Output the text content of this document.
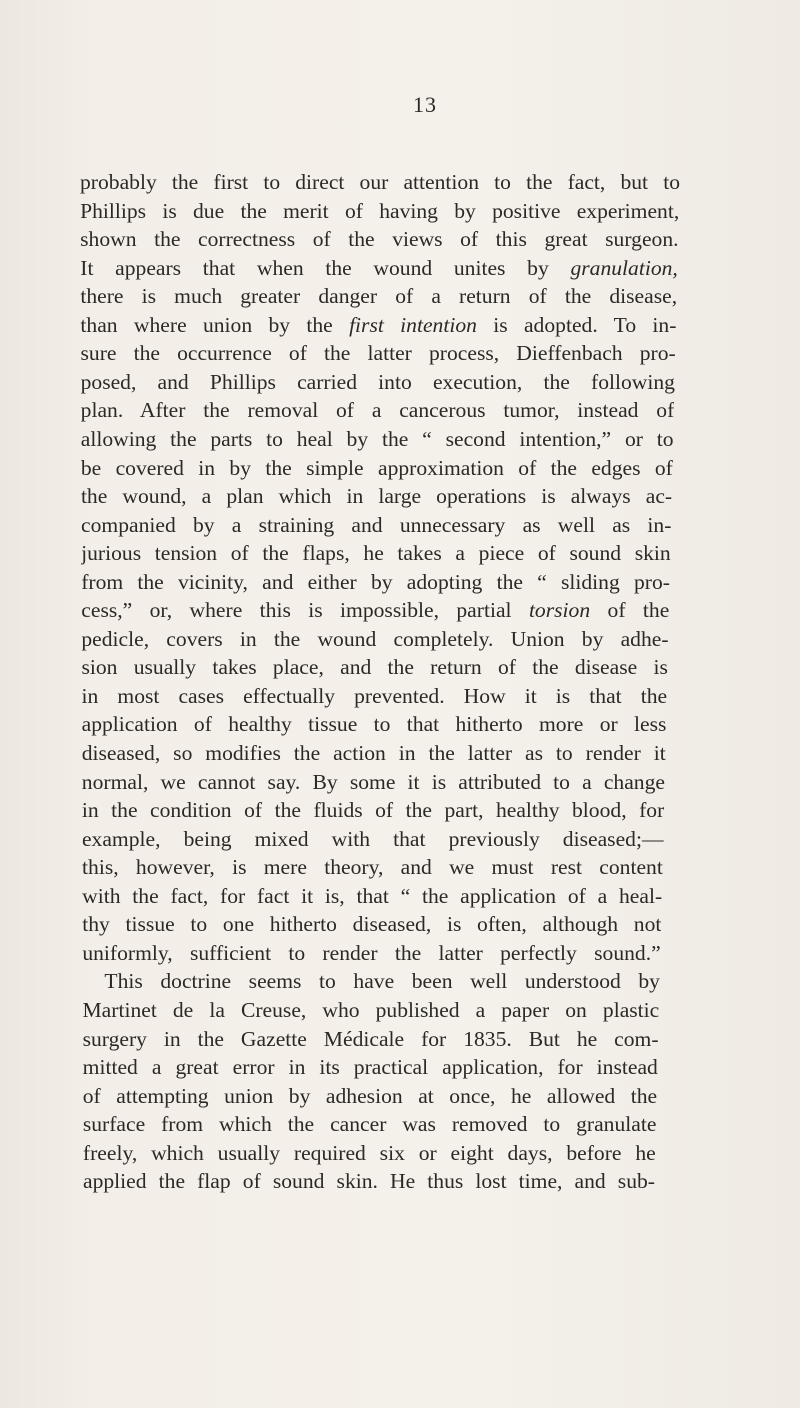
13
probably the first to direct our attention to the fact, but to
Phillips is due the merit of having by positive experiment,
shown the correctness of the views of this great surgeon.
It appears that when the wound unites by granulation,
there is much greater danger of a return of the disease,
than where union by the first intention is adopted. To in-
sure the occurrence of the latter process, Dieffenbach pro-
posed, and Phillips carried into execution, the following
plan. After the removal of a cancerous tumor, instead of
allowing the parts to heal by the “ second intention,” or to
be covered in by the simple approximation of the edges of
the wound, a plan which in large operations is always ac-
companied by a straining and unnecessary as well as in-
jurious tension of the flaps, he takes a piece of sound skin
from the vicinity, and either by adopting the “ sliding pro-
cess,” or, where this is impossible, partial torsion of the
pedicle, covers in the wound completely. Union by adhe-
sion usually takes place, and the return of the disease is
in most cases effectually prevented. How it is that the
application of healthy tissue to that hitherto more or less
diseased, so modifies the action in the latter as to render it
normal, we cannot say. By some it is attributed to a change
in the condition of the fluids of the part, healthy blood, for
example, being mixed with that previously diseased;—
this, however, is mere theory, and we must rest content
with the fact, for fact it is, that “ the application of a heal-
thy tissue to one hitherto diseased, is often, although not
uniformly, sufficient to render the latter perfectly sound.”
This doctrine seems to have been well understood by
Martinet de la Creuse, who published a paper on plastic
surgery in the Gazette Médicale for 1835. But he com-
mitted a great error in its practical application, for instead
of attempting union by adhesion at once, he allowed the
surface from which the cancer was removed to granulate
freely, which usually required six or eight days, before he
applied the flap of sound skin. He thus lost time, and sub-
